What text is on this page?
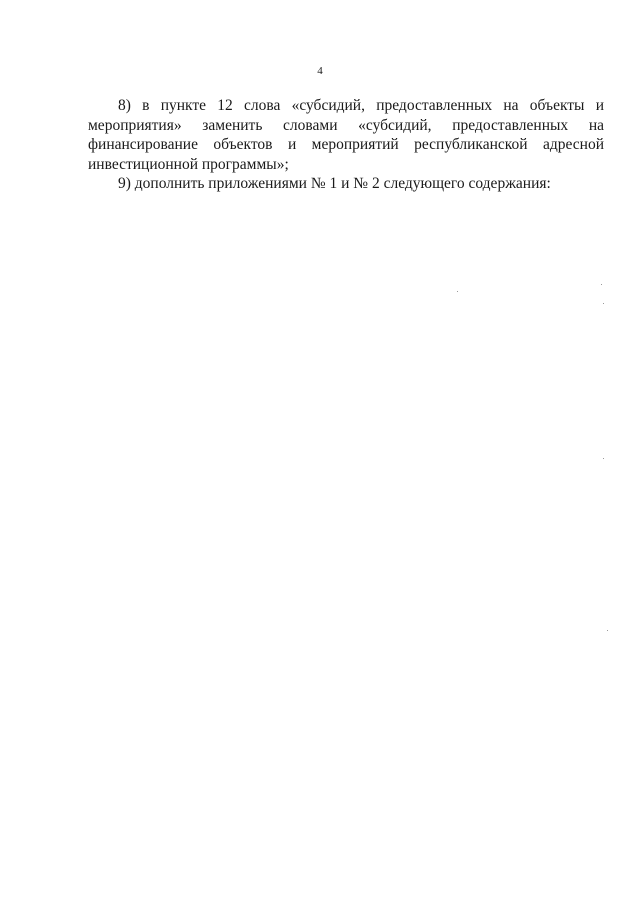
4

8) в пункте 12 слова «субсидий, предоставленных на объекты и мероприятия» заменить словами «субсидий, предоставленных на финансирование объектов и мероприятий республиканской адресной инвестиционной программы»;

9) дополнить приложениями № 1 и № 2 следующего содержания:
